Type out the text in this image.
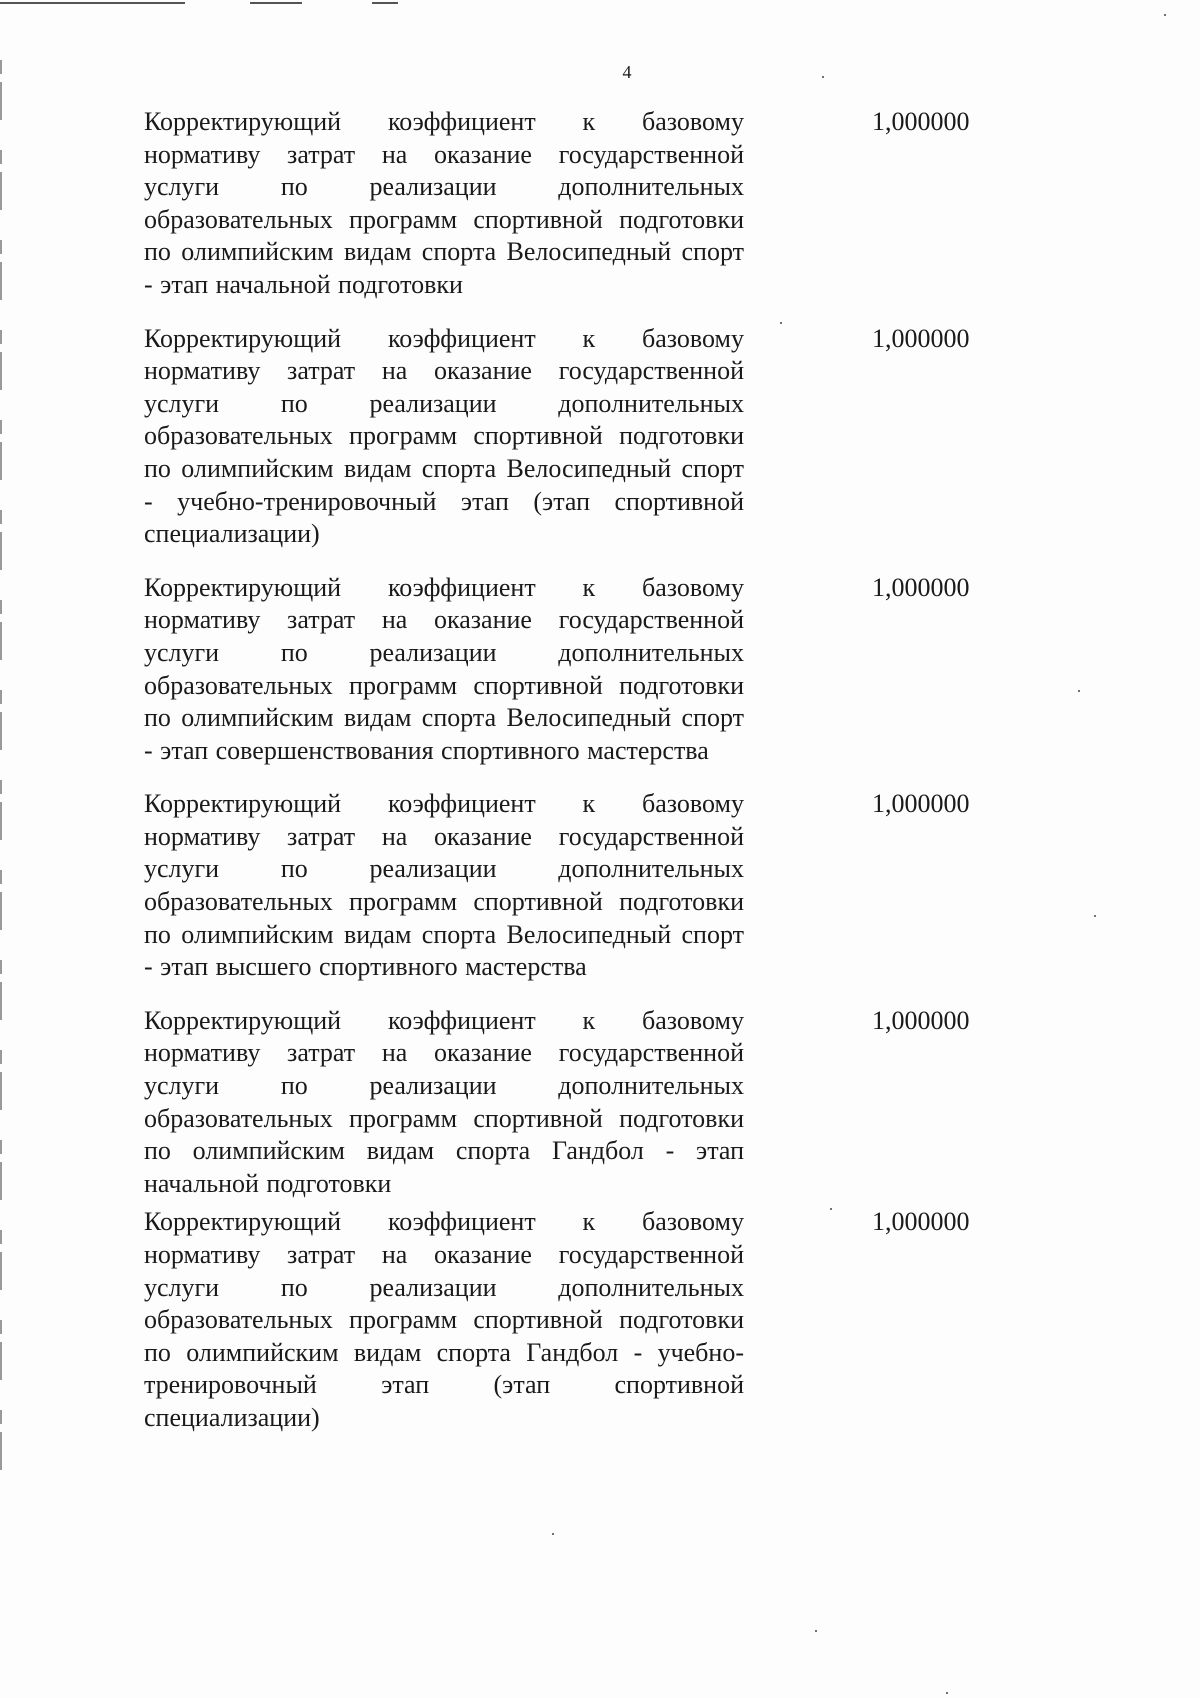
4
Корректирующий коэффициент к базовому нормативу затрат на оказание государственной услуги по реализации дополнительных образовательных программ спортивной подготовки по олимпийским видам спорта Велосипедный спорт - этап начальной подготовки
1,000000
Корректирующий коэффициент к базовому нормативу затрат на оказание государственной услуги по реализации дополнительных образовательных программ спортивной подготовки по олимпийским видам спорта Велосипедный спорт - учебно-тренировочный этап (этап спортивной специализации)
1,000000
Корректирующий коэффициент к базовому нормативу затрат на оказание государственной услуги по реализации дополнительных образовательных программ спортивной подготовки по олимпийским видам спорта Велосипедный спорт - этап совершенствования спортивного мастерства
1,000000
Корректирующий коэффициент к базовому нормативу затрат на оказание государственной услуги по реализации дополнительных образовательных программ спортивной подготовки по олимпийским видам спорта Велосипедный спорт - этап высшего спортивного мастерства
1,000000
Корректирующий коэффициент к базовому нормативу затрат на оказание государственной услуги по реализации дополнительных образовательных программ спортивной подготовки по олимпийским видам спорта Гандбол - этап начальной подготовки
1,000000
Корректирующий коэффициент к базовому нормативу затрат на оказание государственной услуги по реализации дополнительных образовательных программ спортивной подготовки по олимпийским видам спорта Гандбол - учебно-тренировочный этап (этап спортивной специализации)
1,000000
